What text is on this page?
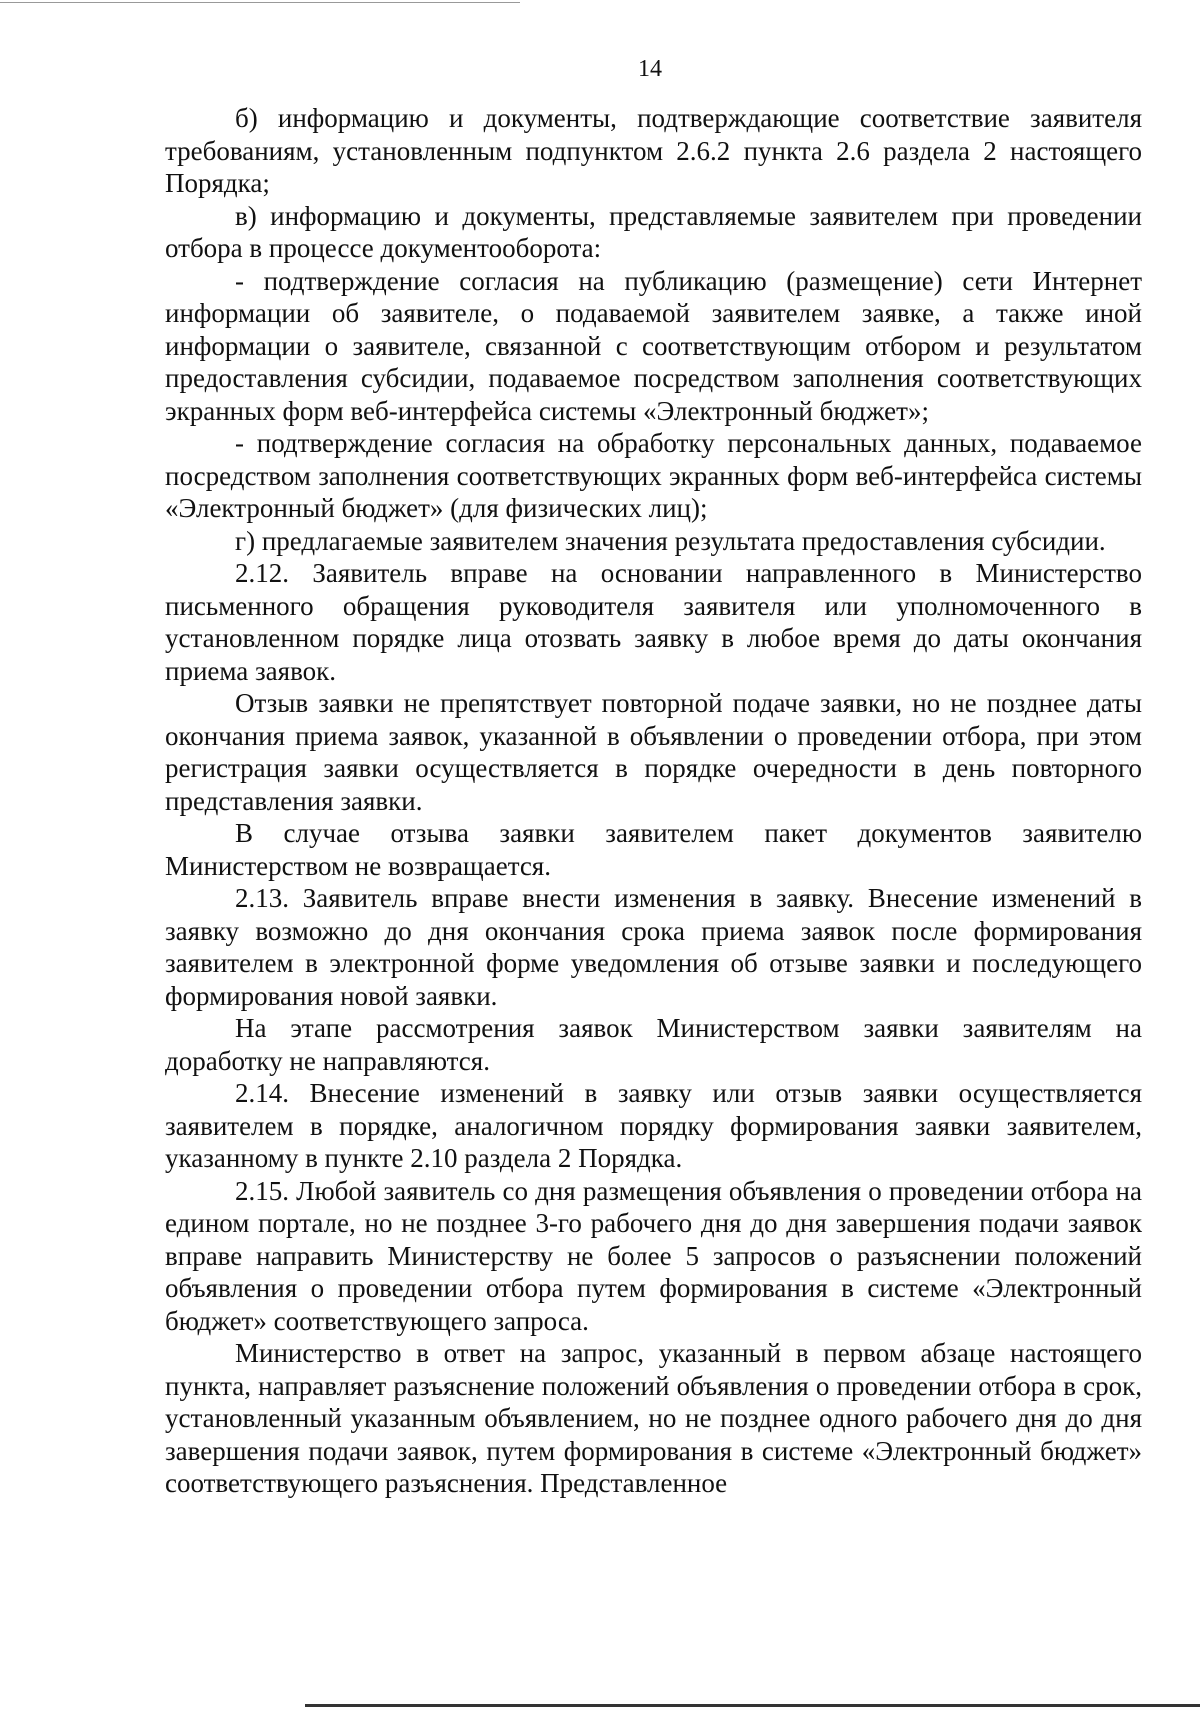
14

б) информацию и документы, подтверждающие соответствие заявителя требованиям, установленным подпунктом 2.6.2 пункта 2.6 раздела 2 настоящего Порядка;

в) информацию и документы, представляемые заявителем при проведении отбора в процессе документооборота:

- подтверждение согласия на публикацию (размещение) сети Интернет информации об заявителе, о подаваемой заявителем заявке, а также иной информации о заявителе, связанной с соответствующим отбором и результатом предоставления субсидии, подаваемое посредством заполнения соответствующих экранных форм веб-интерфейса системы «Электронный бюджет»;

- подтверждение согласия на обработку персональных данных, подаваемое посредством заполнения соответствующих экранных форм веб-интерфейса системы «Электронный бюджет» (для физических лиц);

г) предлагаемые заявителем значения результата предоставления субсидии.

2.12. Заявитель вправе на основании направленного в Министерство письменного обращения руководителя заявителя или уполномоченного в установленном порядке лица отозвать заявку в любое время до даты окончания приема заявок.

Отзыв заявки не препятствует повторной подаче заявки, но не позднее даты окончания приема заявок, указанной в объявлении о проведении отбора, при этом регистрация заявки осуществляется в порядке очередности в день повторного представления заявки.

В случае отзыва заявки заявителем пакет документов заявителю Министерством не возвращается.

2.13. Заявитель вправе внести изменения в заявку. Внесение изменений в заявку возможно до дня окончания срока приема заявок после формирования заявителем в электронной форме уведомления об отзыве заявки и последующего формирования новой заявки.

На этапе рассмотрения заявок Министерством заявки заявителям на доработку не направляются.

2.14. Внесение изменений в заявку или отзыв заявки осуществляется заявителем в порядке, аналогичном порядку формирования заявки заявителем, указанному в пункте 2.10 раздела 2 Порядка.

2.15. Любой заявитель со дня размещения объявления о проведении отбора на едином портале, но не позднее 3-го рабочего дня до дня завершения подачи заявок вправе направить Министерству не более 5 запросов о разъяснении положений объявления о проведении отбора путем формирования в системе «Электронный бюджет» соответствующего запроса.

Министерство в ответ на запрос, указанный в первом абзаце настоящего пункта, направляет разъяснение положений объявления о проведении отбора в срок, установленный указанным объявлением, но не позднее одного рабочего дня до дня завершения подачи заявок, путем формирования в системе «Электронный бюджет» соответствующего разъяснения. Представленное
